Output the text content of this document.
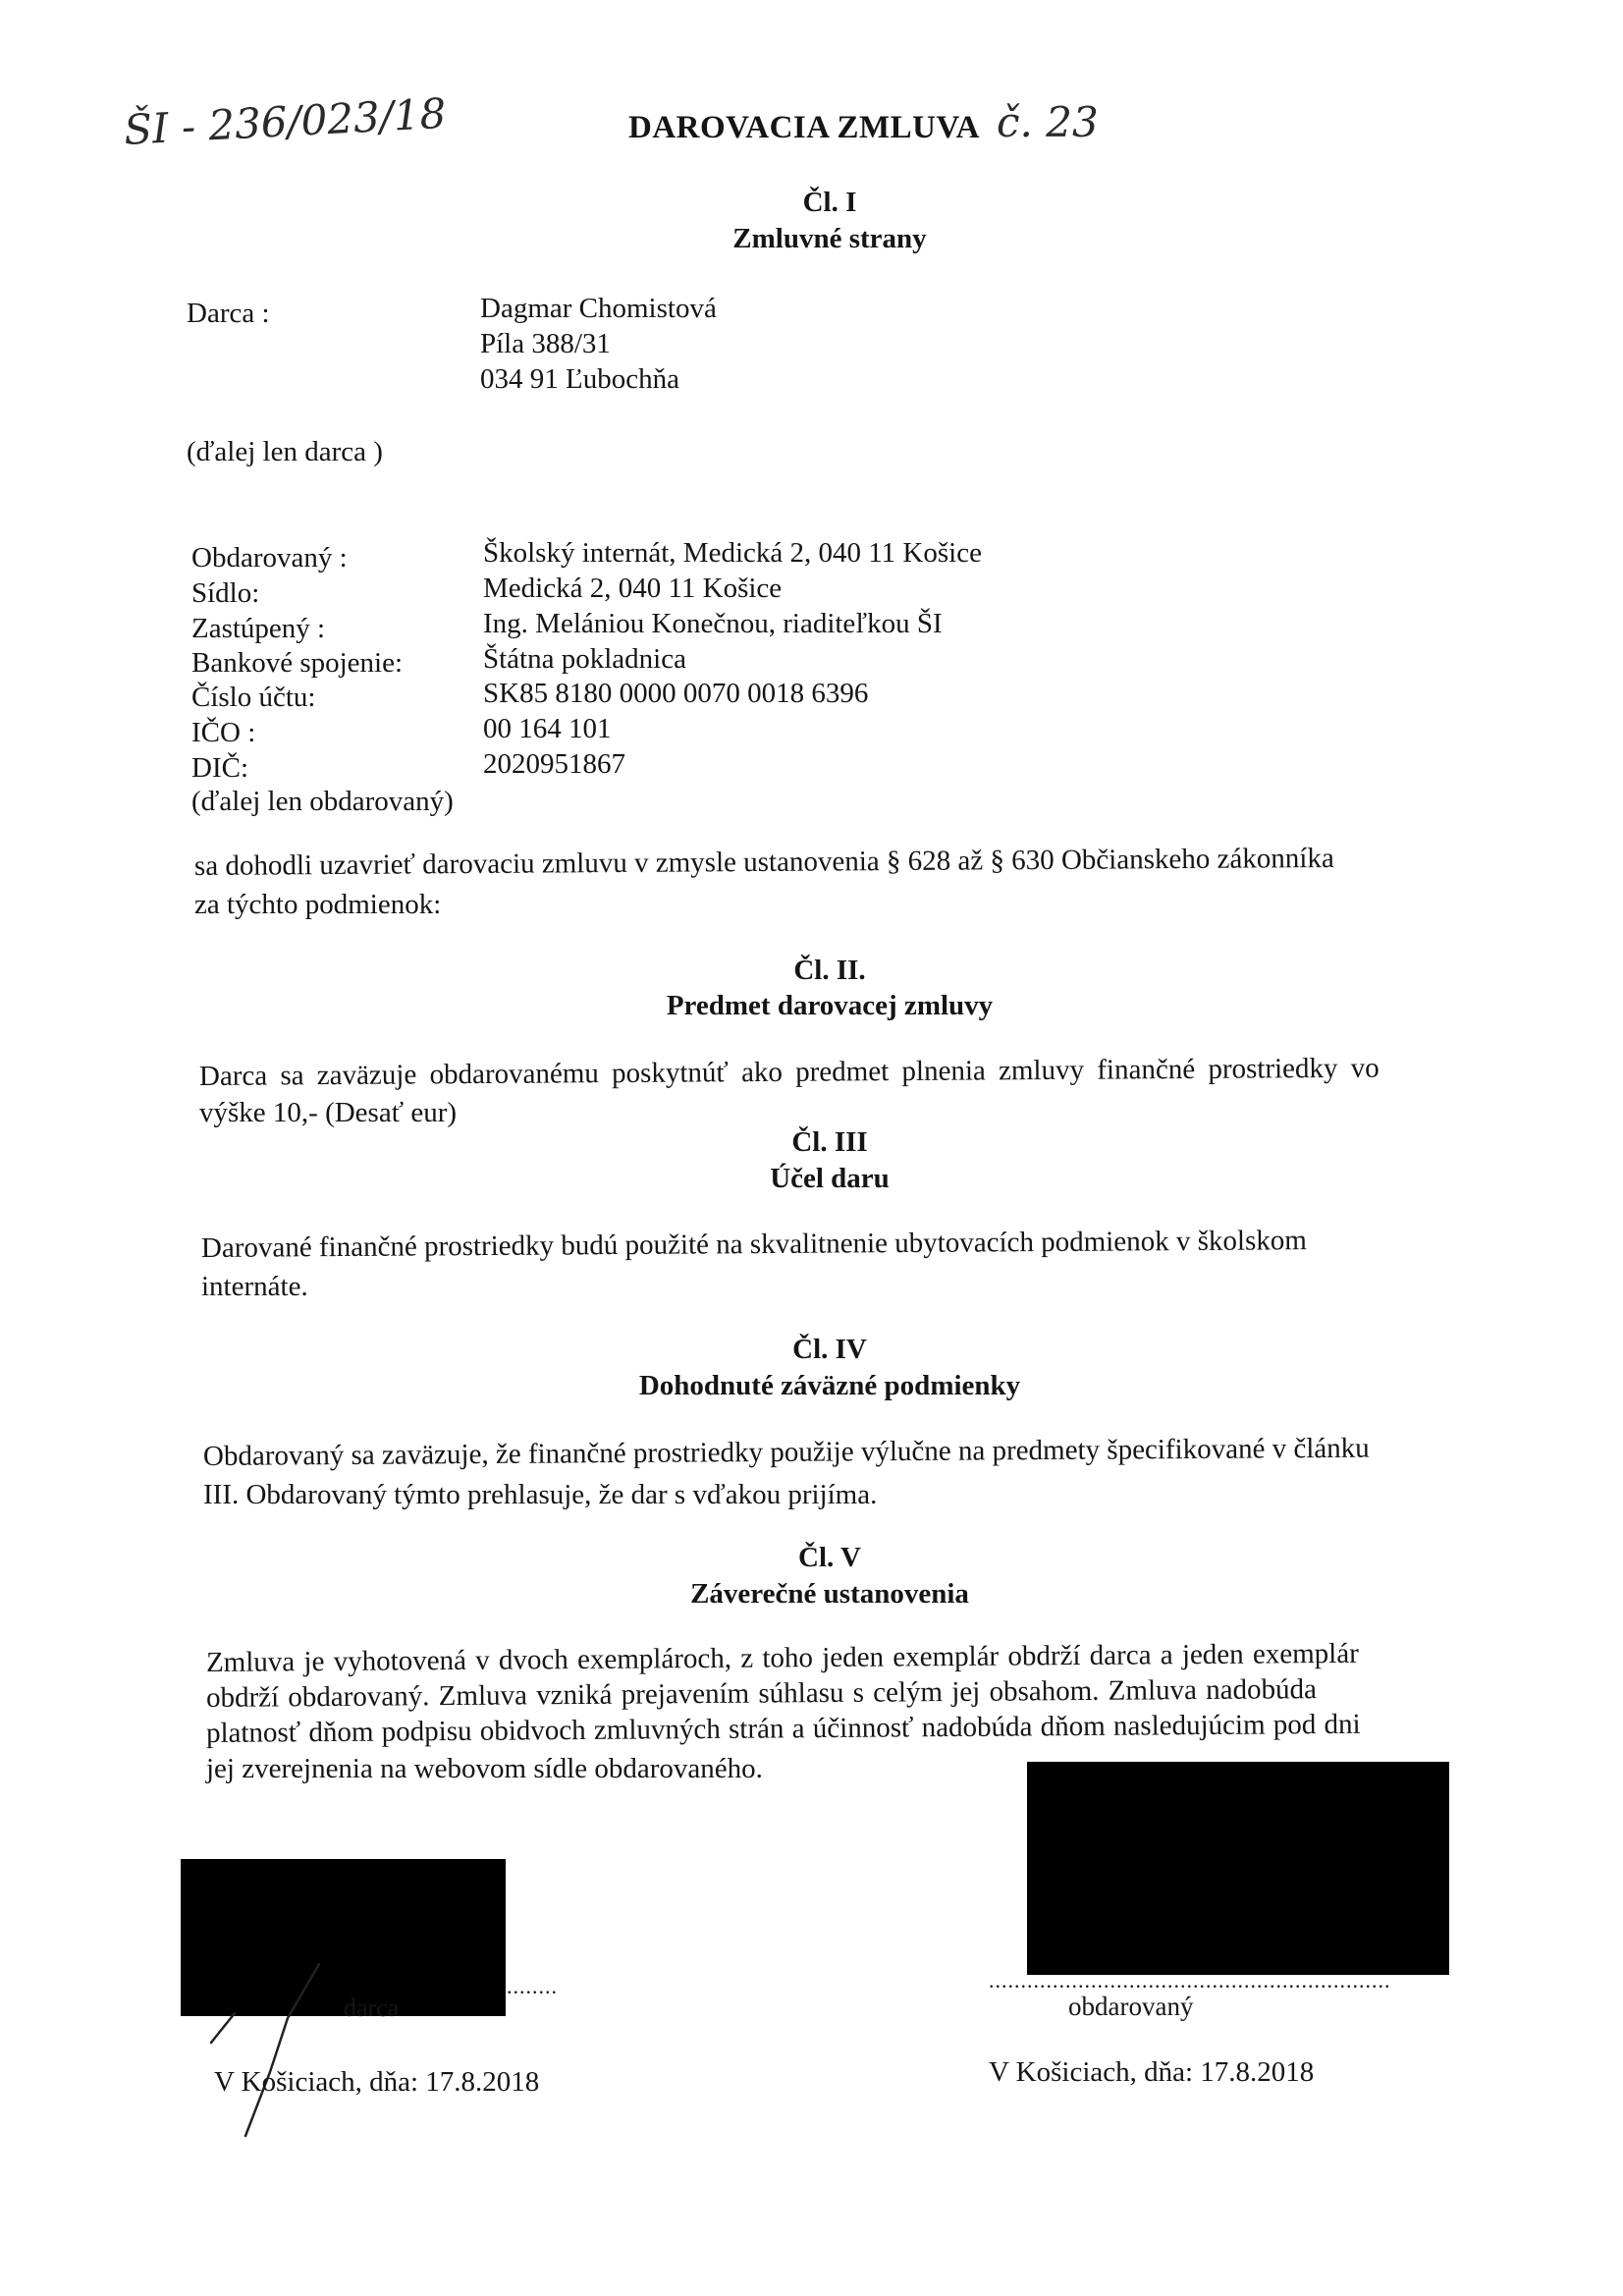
ŠI - 236/023/18	DAROVACIA ZMLUVA č. 23
Čl. I
Zmluvné strany
Darca :	Dagmar Chomistová
Píla 388/31
034 91 Ľubochňa
(ďalej len darca )
Obdarovaný :	Školský internát, Medická 2, 040 11 Košice
Sídlo:	Medická 2, 040 11 Košice
Zastúpený :	Ing. Melániou Konečnou, riaditeľkou ŠI
Bankové spojenie:	Štátna pokladnica
Číslo účtu:	SK85 8180 0000 0070 0018 6396
IČO :	00 164 101
DIČ:	2020951867
(ďalej len obdarovaný)
sa dohodli uzavrieť darovaciu zmluvu v zmysle ustanovenia § 628 až § 630 Občianskeho zákonníka
za týchto podmienok:
Čl. II.
Predmet darovacej zmluvy
Darca sa zaväzuje obdarovanému poskytnúť ako predmet plnenia zmluvy finančné prostriedky vo
výške 10,- (Desať eur)
Čl. III
Účel daru
Darované finančné prostriedky budú použité na skvalitnenie ubytovacích podmienok v školskom
internáte.
Čl. IV
Dohodnuté záväzné podmienky
Obdarovaný sa zaväzuje, že finančné prostriedky použije výlučne na predmety špecifikované v článku
III. Obdarovaný týmto prehlasuje, že dar s vďakou prijíma.
Čl. V
Záverečné ustanovenia
Zmluva je vyhotovená v dvoch exemplároch, z toho jeden exemplár obdrží darca a jeden exemplár
obdrží obdarovaný. Zmluva vzniká prejavením súhlasu s celým jej obsahom. Zmluva nadobúda
platnosť dňom podpisu obidvoch zmluvných strán a účinnosť nadobúda dňom nasledujúcim pod dni
jej zverejnenia na webovom sídle obdarovaného.
........	...............................................................
darca	obdarovaný
V Košiciach, dňa: 17.8.2018	V Košiciach, dňa: 17.8.2018
